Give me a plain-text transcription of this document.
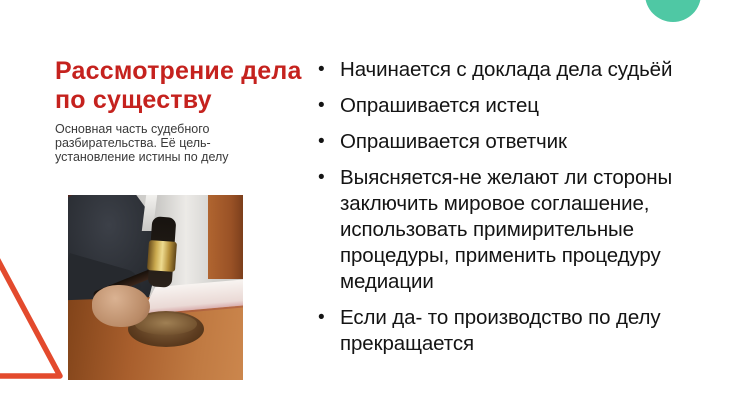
Рассмотрение дела по существу

Основная часть судебного разбирательства. Её цель- установление истины по делу

• Начинается с доклада дела судьёй
• Опрашивается истец
• Опрашивается ответчик
• Выясняется-не желают ли стороны заключить мировое соглашение, использовать примирительные процедуры, применить процедуру медиации
• Если да- то производство по делу прекращается
